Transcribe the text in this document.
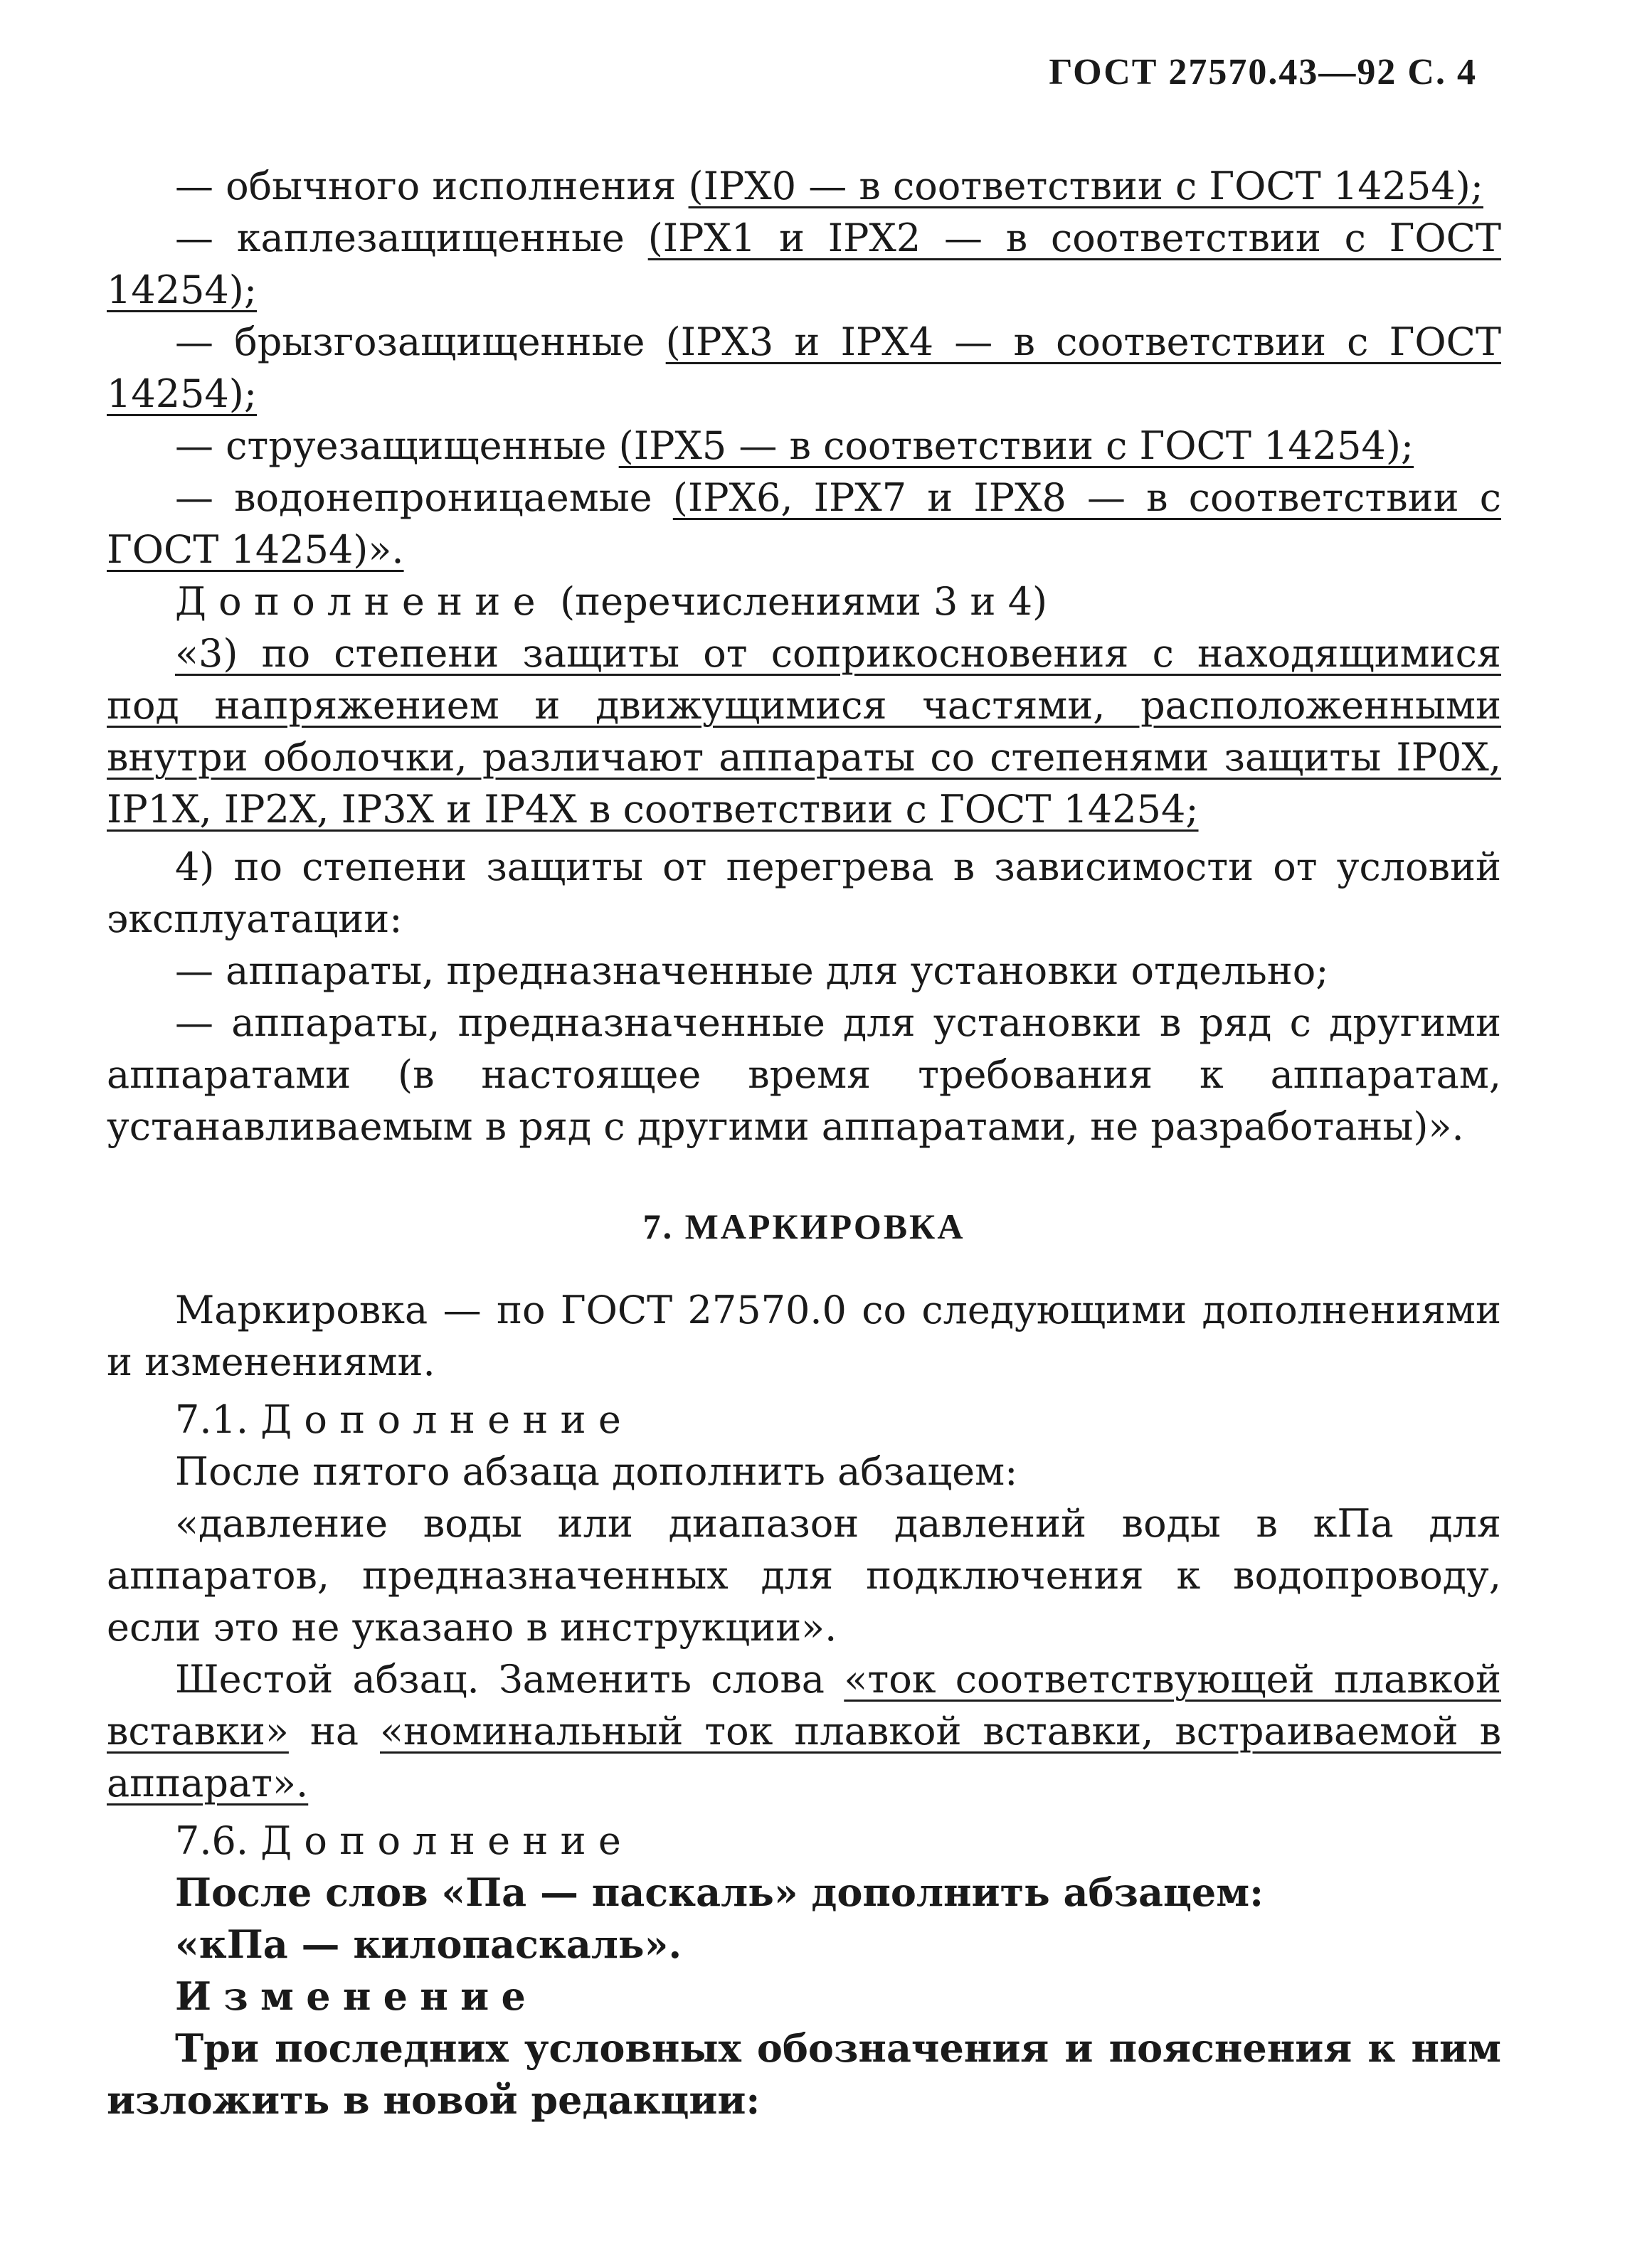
ГОСТ 27570.43—92 С. 4

— обычного исполнения (IPX0 — в соответствии с ГОСТ 14254);

— каплезащищенные (IPX1 и IPX2 — в соответствии с ГОСТ 14254);

— брызгозащищенные (IPX3 и IPX4 — в соответствии с ГОСТ 14254);

— струезащищенные (IPX5 — в соответствии с ГОСТ 14254);

— водонепроницаемые (IPX6, IPX7 и IPX8 — в соответствии с ГОСТ 14254)».

Дополнение (перечислениями 3 и 4)

«3) по степени защиты от соприкосновения с находящимися под напряжением и движущимися частями, расположенными внутри оболочки, различают аппараты со степенями защиты IP0X, IP1X, IP2X, IP3X и IP4X в соответствии с ГОСТ 14254;

4) по степени защиты от перегрева в зависимости от условий эксплуатации:

— аппараты, предназначенные для установки отдельно;

— аппараты, предназначенные для установки в ряд с другими аппаратами (в настоящее время требования к аппаратам, устанавливаемым в ряд с другими аппаратами, не разработаны)».

7. МАРКИРОВКА

Маркировка — по ГОСТ 27570.0 со следующими дополнениями и изменениями.

7.1. Дополнение

После пятого абзаца дополнить абзацем:

«давление воды или диапазон давлений воды в кПа для аппаратов, предназначенных для подключения к водопроводу, если это не указано в инструкции».

Шестой абзац. Заменить слова «ток соответствующей плавкой вставки» на «номинальный ток плавкой вставки, встраиваемой в аппарат».

7.6. Дополнение

После слов «Па — паскаль» дополнить абзацем:

«кПа — килопаскаль».

Изменение

Три последних условных обозначения и пояснения к ним изложить в новой редакции:
